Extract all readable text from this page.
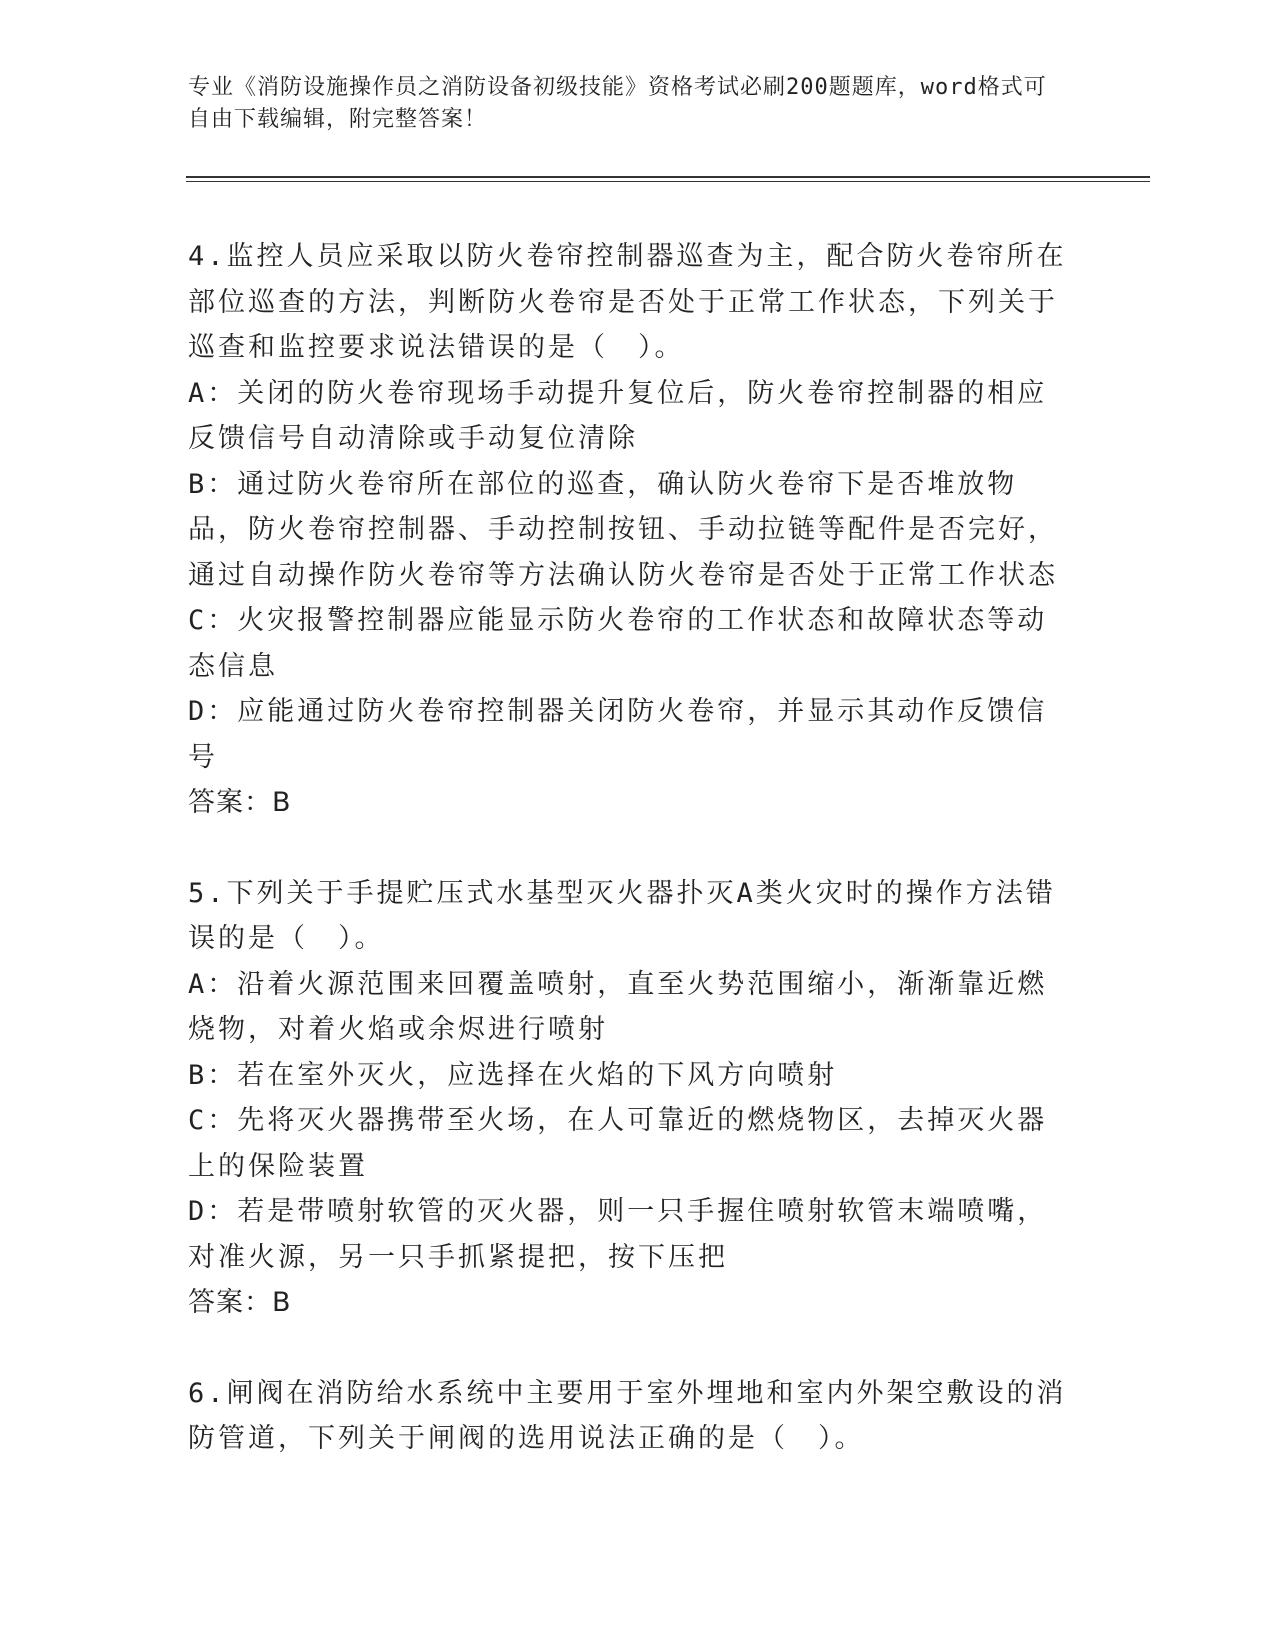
专业《消防设施操作员之消防设备初级技能》资格考试必刷200题题库，word格式可自由下载编辑，附完整答案！

4.监控人员应采取以防火卷帘控制器巡查为主，配合防火卷帘所在部位巡查的方法，判断防火卷帘是否处于正常工作状态，下列关于巡查和监控要求说法错误的是（　）。

A：关闭的防火卷帘现场手动提升复位后，防火卷帘控制器的相应反馈信号自动清除或手动复位清除

B：通过防火卷帘所在部位的巡查，确认防火卷帘下是否堆放物品，防火卷帘控制器、手动控制按钮、手动拉链等配件是否完好，通过自动操作防火卷帘等方法确认防火卷帘是否处于正常工作状态

C：火灾报警控制器应能显示防火卷帘的工作状态和故障状态等动态信息

D：应能通过防火卷帘控制器关闭防火卷帘，并显示其动作反馈信号

答案：B

5.下列关于手提贮压式水基型灭火器扑灭A类火灾时的操作方法错误的是（　）。

A：沿着火源范围来回覆盖喷射，直至火势范围缩小，渐渐靠近燃烧物，对着火焰或余烬进行喷射

B：若在室外灭火，应选择在火焰的下风方向喷射

C：先将灭火器携带至火场，在人可靠近的燃烧物区，去掉灭火器上的保险装置

D：若是带喷射软管的灭火器，则一只手握住喷射软管末端喷嘴，对准火源，另一只手抓紧提把，按下压把

答案：B

6.闸阀在消防给水系统中主要用于室外埋地和室内外架空敷设的消防管道，下列关于闸阀的选用说法正确的是（　）。
